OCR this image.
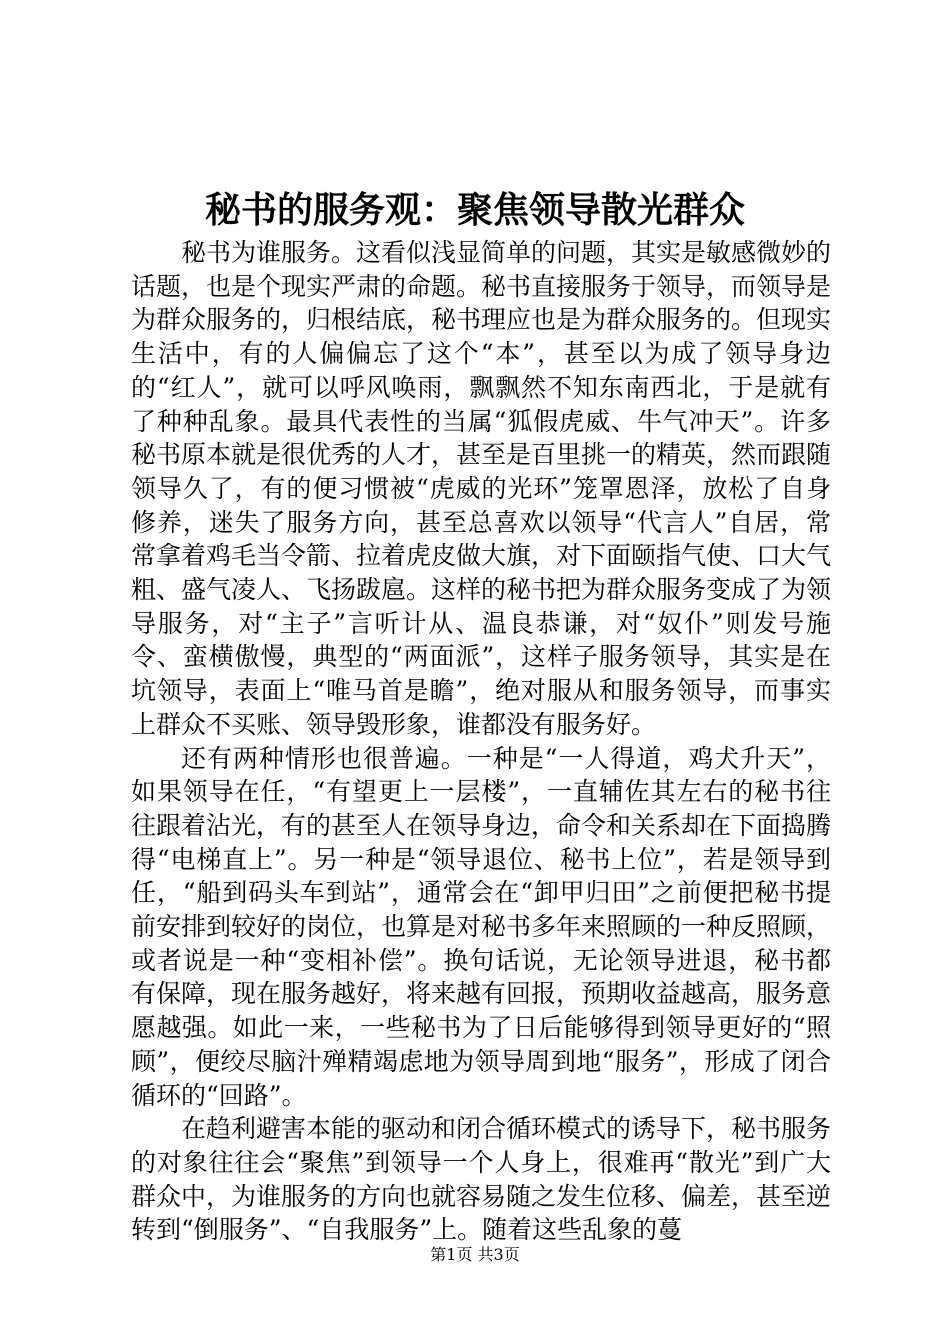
秘书的服务观：聚焦领导散光群众

秘书为谁服务。这看似浅显简单的问题，其实是敏感微妙的话题，也是个现实严肃的命题。秘书直接服务于领导，而领导是为群众服务的，归根结底，秘书理应也是为群众服务的。但现实生活中，有的人偏偏忘了这个“本”，甚至以为成了领导身边的“红人”，就可以呼风唤雨，飘飘然不知东南西北，于是就有了种种乱象。最具代表性的当属“狐假虎威、牛气冲天”。许多秘书原本就是很优秀的人才，甚至是百里挑一的精英，然而跟随领导久了，有的便习惯被“虎威的光环”笼罩恩泽，放松了自身修养，迷失了服务方向，甚至总喜欢以领导“代言人”自居，常常拿着鸡毛当令箭、拉着虎皮做大旗，对下面颐指气使、口大气粗、盛气凌人、飞扬跋扈。这样的秘书把为群众服务变成了为领导服务，对“主子”言听计从、温良恭谦，对“奴仆”则发号施令、蛮横傲慢，典型的“两面派”，这样子服务领导，其实是在坑领导，表面上“唯马首是瞻”，绝对服从和服务领导，而事实上群众不买账、领导毁形象，谁都没有服务好。

还有两种情形也很普遍。一种是“一人得道，鸡犬升天”，如果领导在任，“有望更上一层楼”，一直辅佐其左右的秘书往往跟着沾光，有的甚至人在领导身边，命令和关系却在下面捣腾得“电梯直上”。另一种是“领导退位、秘书上位”，若是领导到任，“船到码头车到站”，通常会在“卸甲归田”之前便把秘书提前安排到较好的岗位，也算是对秘书多年来照顾的一种反照顾，或者说是一种“变相补偿”。换句话说，无论领导进退，秘书都有保障，现在服务越好，将来越有回报，预期收益越高，服务意愿越强。如此一来，一些秘书为了日后能够得到领导更好的“照顾”，便绞尽脑汁殚精竭虑地为领导周到地“服务”，形成了闭合循环的“回路”。

在趋利避害本能的驱动和闭合循环模式的诱导下，秘书服务的对象往往会“聚焦”到领导一个人身上，很难再“散光”到广大群众中，为谁服务的方向也就容易随之发生位移、偏差，甚至逆转到“倒服务”、“自我服务”上。随着这些乱象的蔓

第1页 共3页
